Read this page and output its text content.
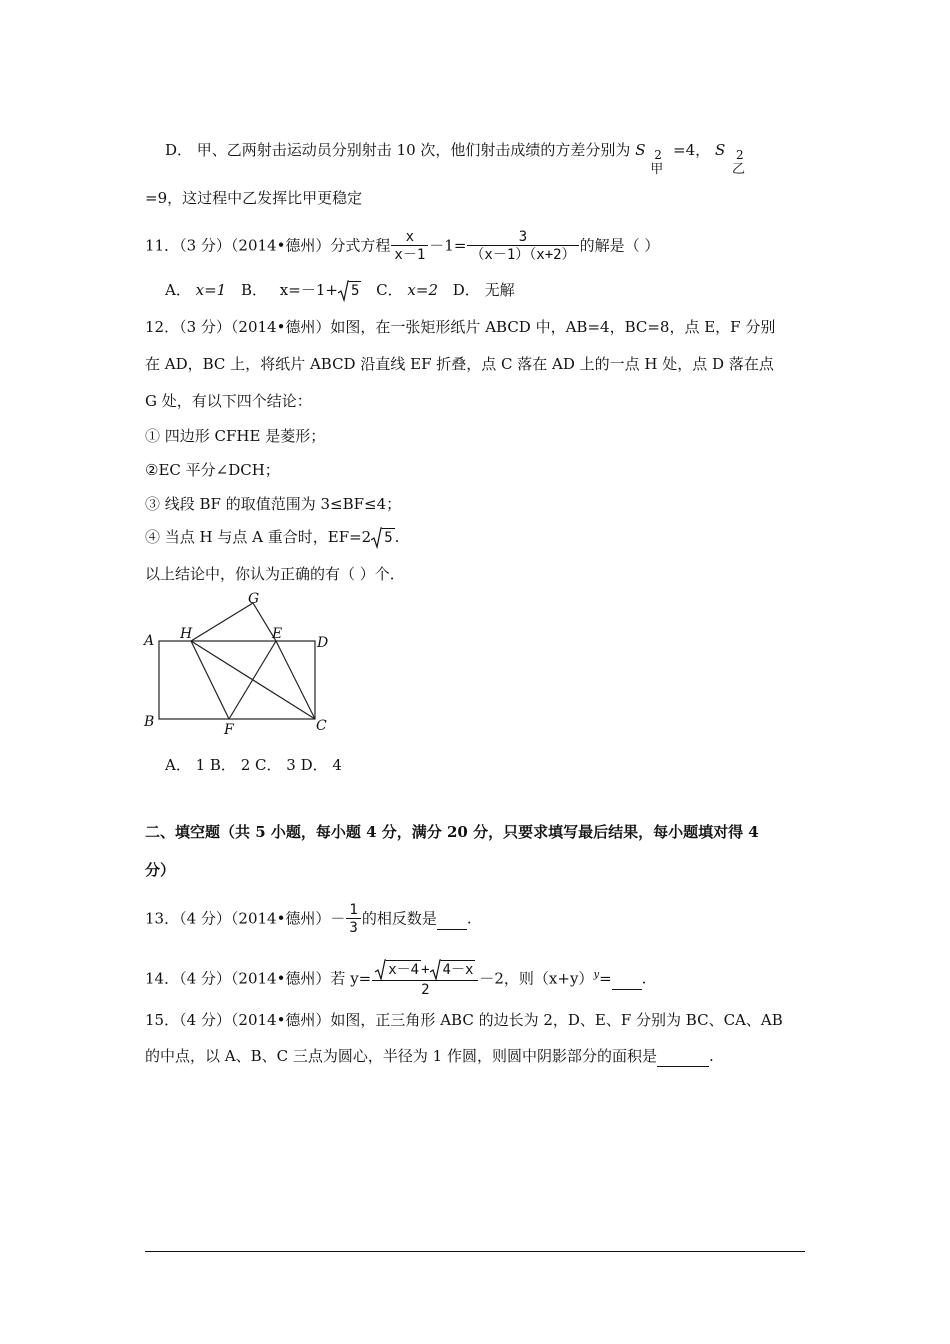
D． 甲、乙两射击运动员分别射击 10 次，他们射击成绩的方差分别为 S 2
甲
=4， S 2
乙
=9，这过程中乙发挥比甲更稳定
11．（3 分）（2014•德州）分式方程 $\frac{x}{x-1} -1= \frac{3}{(x-1)(x+2)}$ 的解是（ ）
A． x=1 B． x=－1+ 5 C． x=2 D． 无解
12．（3 分）（2014•德州）如图，在一张矩形纸片 ABCD 中，AB=4，BC=8，点 E，F 分别
在 AD，BC 上，将纸片 ABCD 沿直线 EF 折叠，点 C 落在 AD 上的一点 H 处，点 D 落在点
G 处，有以下四个结论：
① 四边形 CFHE 是菱形；
②EC 平分∠DCH；
③ 线段 BF 的取值范围为 3≤BF≤4；
④ 当点 H 与点 A 重合时，EF=2 5 .
以上结论中，你认为正确的有（ ）个．
G
A H	E
D
B	F	C
A． 1 B． 2 C． 3 D． 4
二、填空题（共 5 小题，每小题 4 分，满分 20 分，只要求填写最后结果，每小题填对得 4
分）
13．（4 分）（2014•德州）－ $\frac{1}{3}$ 的相反数是 .
14．（4 分）（2014•德州）若 $y= \frac{x-4 + 4-x}{2} -2$，则$(x+y)^y=$ .
15．（4 分）（2014•德州）如图，正三角形 ABC 的边长为 2，D、E、F 分别为 BC、CA、AB
的中点，以 A、B、C 三点为圆心，半径为 1 作圆，则圆中阴影部分的面积是	.
